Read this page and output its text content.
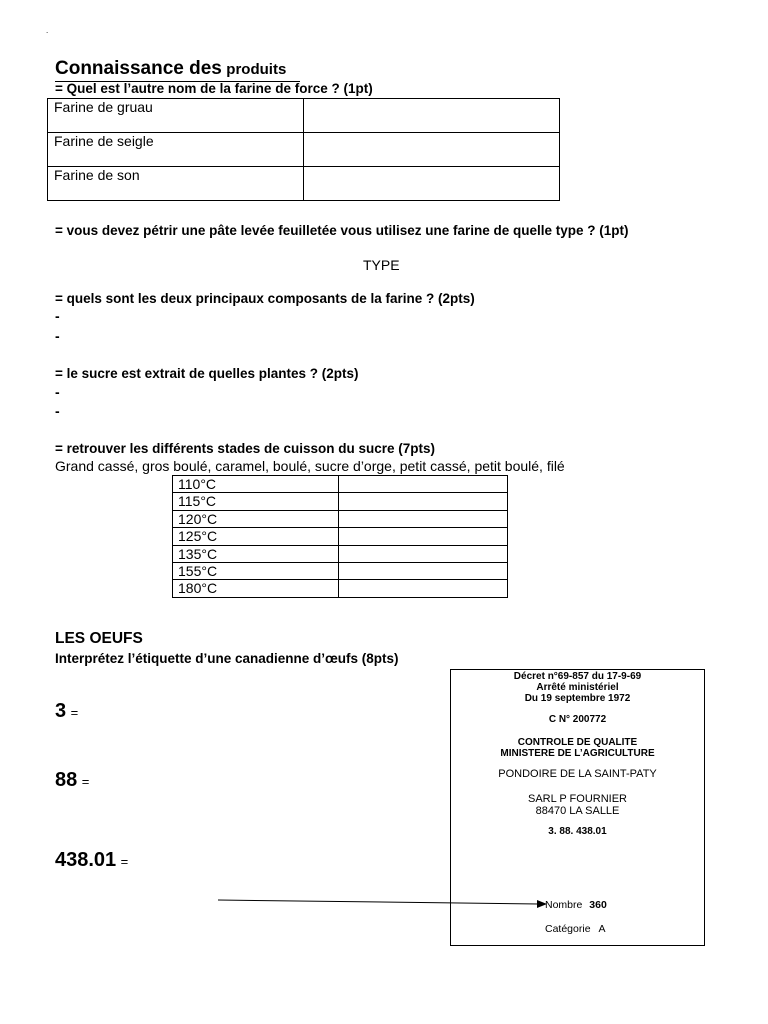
.
Connaissance des produits
= Quel est l’autre nom de la farine de force ? (1pt)
Farine de gruau	
Farine de seigle	
Farine de son	
= vous devez pétrir une pâte levée feuilletée vous utilisez une farine de quelle type ? (1pt)
TYPE
= quels sont les deux principaux composants de la farine ? (2pts)
-
-
= le sucre est extrait de quelles plantes ? (2pts)
-
-
= retrouver les différents stades de cuisson du sucre (7pts)
Grand cassé, gros boulé, caramel, boulé, sucre d’orge, petit cassé, petit boulé, filé
110°C	
115°C	
120°C	
125°C	
135°C	
155°C	
180°C	
LES OEUFS
Interprétez l’étiquette d’une canadienne d’œufs (8pts)
3 =
88 =
438.01 =
Décret n°69-857 du 17-9-69
Arrêté ministériel
Du 19 septembre 1972
C N° 200772
CONTROLE DE QUALITE
MINISTERE DE L’AGRICULTURE
PONDOIRE DE LA SAINT-PATY
SARL P FOURNIER
88470 LA SALLE
3. 88. 438.01
Nombre 360
Catégorie A
